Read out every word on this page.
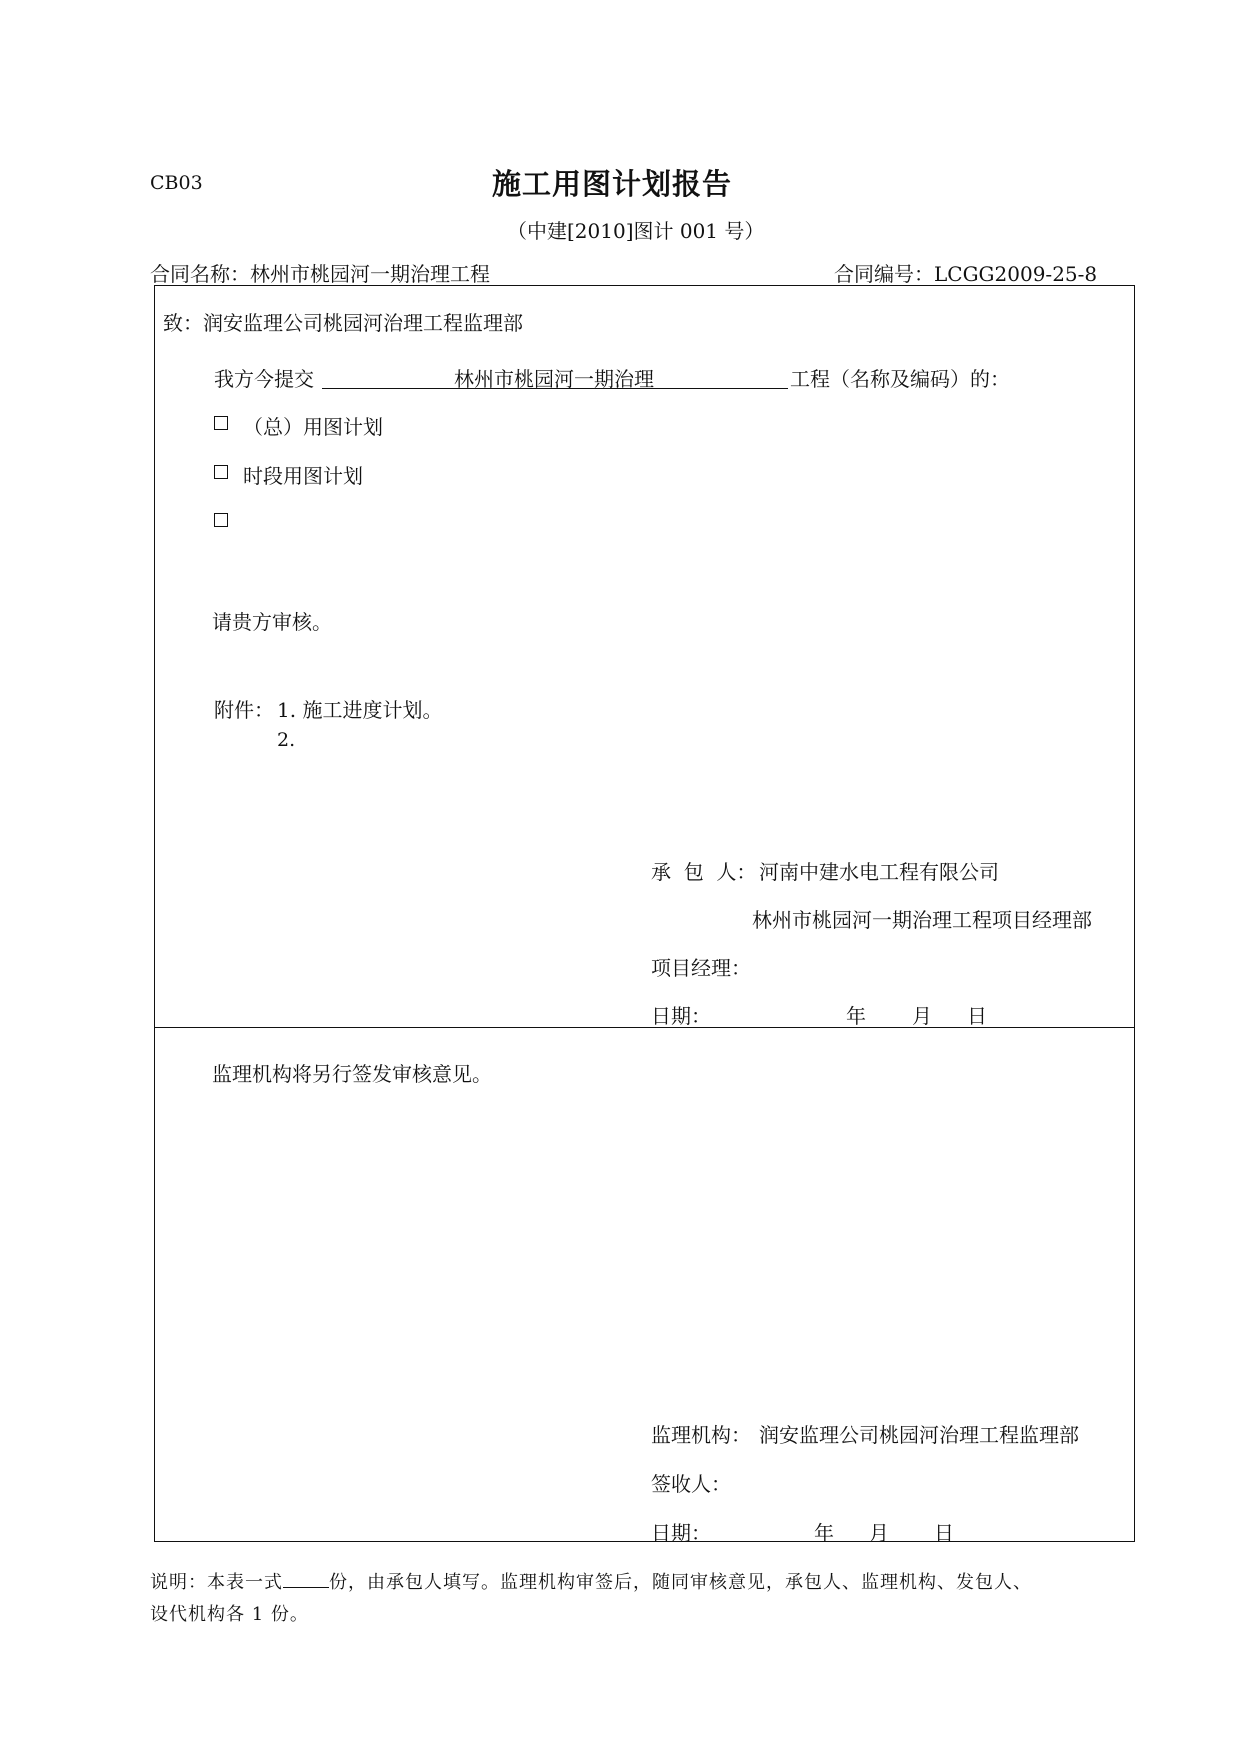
CB03	施工用图计划报告
（中建[2010]图计 001 号）
合同名称：林州市桃园河一期治理工程	合同编号：LCGG2009-25-8
致：润安监理公司桃园河治理工程监理部
我方今提交	林州市桃园河一期治理	工程（名称及编码）的：
（总）用图计划
时段用图计划
请贵方审核。
附件： 1. 施工进度计划。
2.
承  包  人： 河南中建水电工程有限公司
林州市桃园河一期治理工程项目经理部
项目经理：
日期：	年 月 日
监理机构将另行签发审核意见。
监理机构： 润安监理公司桃园河治理工程监理部
签收人：
日期：	年 月 日
说明：本表一式	份，由承包人填写。监理机构审签后，随同审核意见，承包人、监理机构、发包人、
设代机构各 1 份。
